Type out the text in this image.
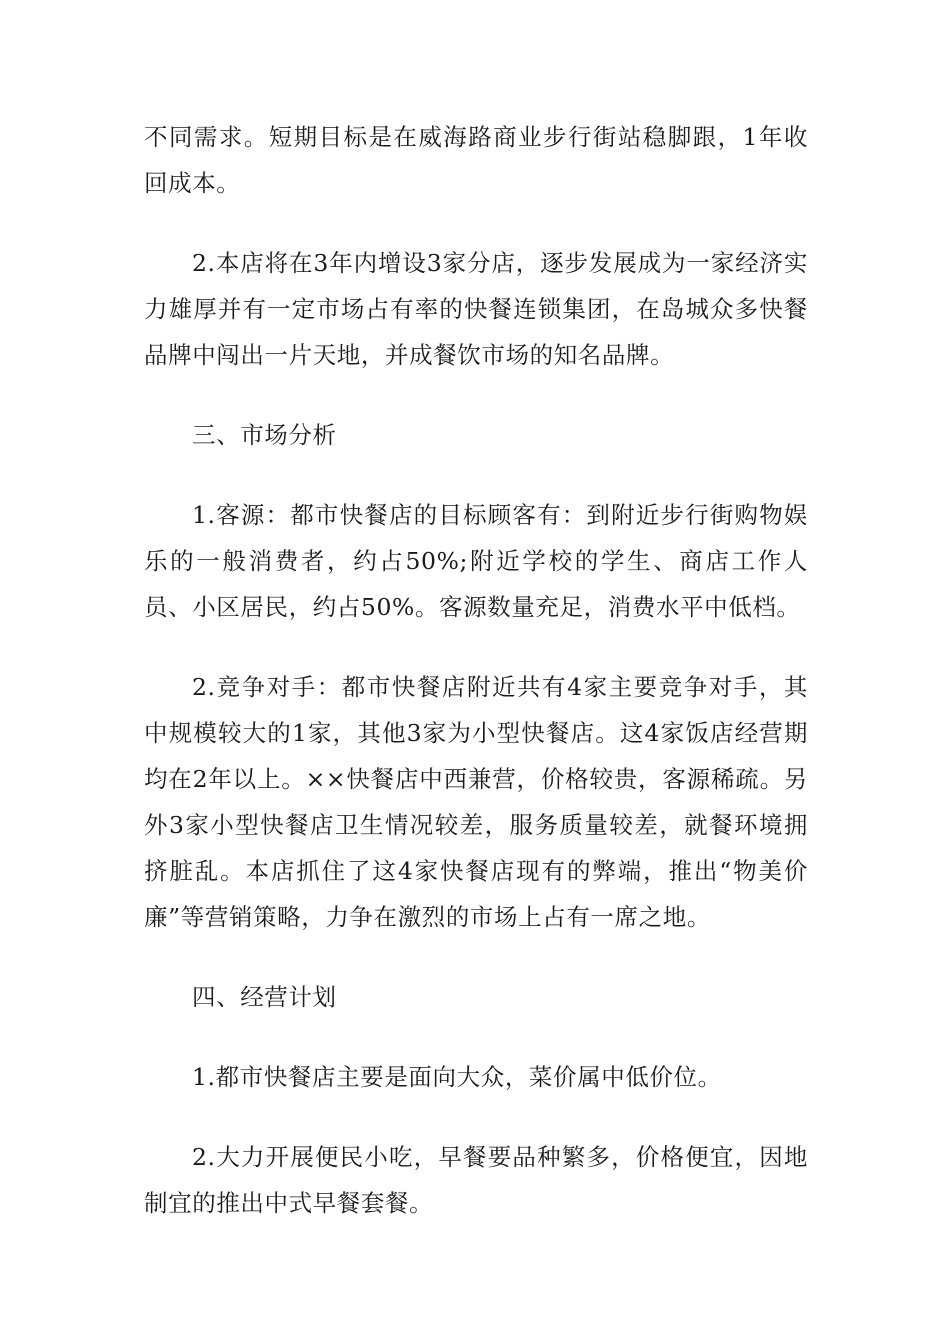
不同需求。短期目标是在威海路商业步行街站稳脚跟，1年收回成本。

2.本店将在3年内增设3家分店，逐步发展成为一家经济实力雄厚并有一定市场占有率的快餐连锁集团，在岛城众多快餐品牌中闯出一片天地，并成餐饮市场的知名品牌。

三、市场分析

1.客源：都市快餐店的目标顾客有：到附近步行街购物娱乐的一般消费者，约占50%;附近学校的学生、商店工作人员、小区居民，约占50%。客源数量充足，消费水平中低档。

2.竞争对手：都市快餐店附近共有4家主要竞争对手，其中规模较大的1家，其他3家为小型快餐店。这4家饭店经营期均在2年以上。××快餐店中西兼营，价格较贵，客源稀疏。另外3家小型快餐店卫生情况较差，服务质量较差，就餐环境拥挤脏乱。本店抓住了这4家快餐店现有的弊端，推出“物美价廉”等营销策略，力争在激烈的市场上占有一席之地。

四、经营计划

1.都市快餐店主要是面向大众，菜价属中低价位。

2.大力开展便民小吃，早餐要品种繁多，价格便宜，因地制宜的推出中式早餐套餐。
